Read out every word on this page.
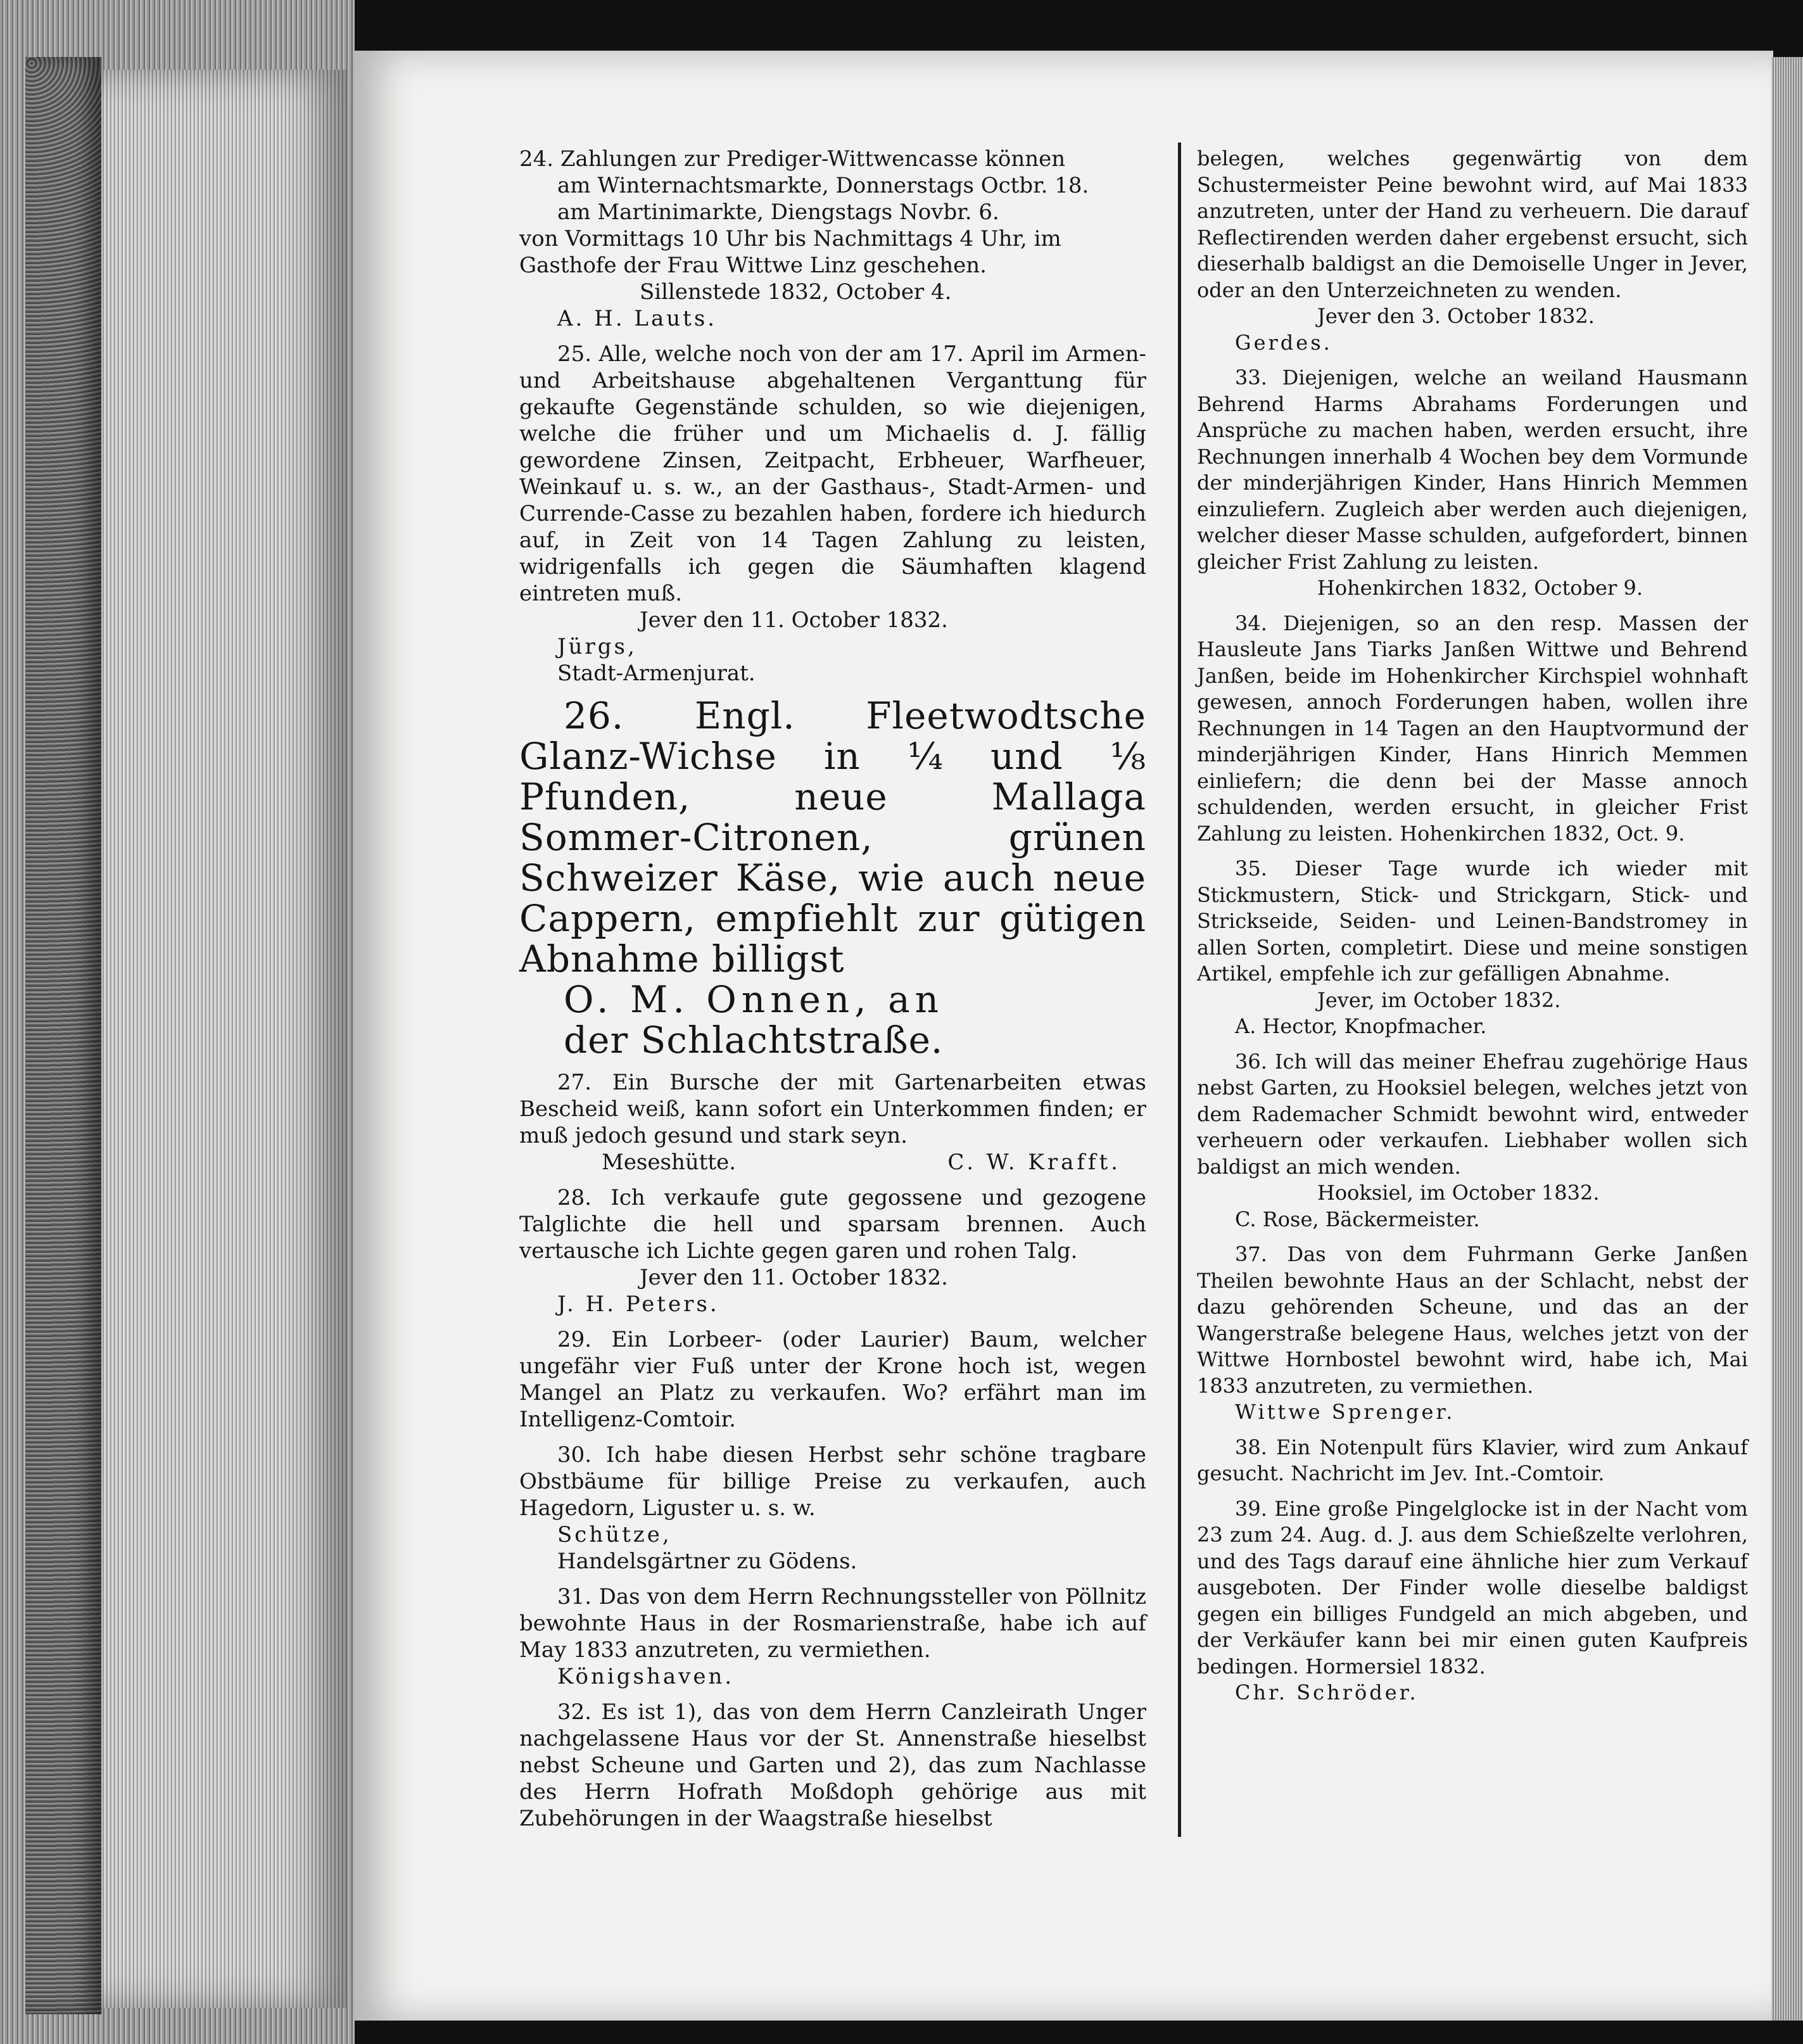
24. Zahlungen zur Prediger-Wittwencasse können

am Winternachtsmarkte, Donnerstags Octbr. 18.

am Martinimarkte, Diengstags Novbr. 6.

von Vormittags 10 Uhr bis Nachmittags 4 Uhr, im

Gasthofe der Frau Wittwe Linz geschehen.

Sillenstede 1832, October 4.

A. H. Lauts.

25. Alle, welche noch von der am 17. April im Armen- und Arbeitshause abgehaltenen Verganttung für gekaufte Gegenstände schulden, so wie diejenigen, welche die früher und um Michaelis d. J. fällig gewordene Zinsen, Zeitpacht, Erbheuer, Warfheuer, Weinkauf u. s. w., an der Gasthaus-, Stadt-Armen- und Currende-Casse zu bezahlen haben, fordere ich hiedurch auf, in Zeit von 14 Tagen Zahlung zu leisten, widrigenfalls ich gegen die Säumhaften klagend eintreten muß.

Jever den 11. October 1832.

Jürgs,

Stadt-Armenjurat.

26. Engl. Fleetwodtsche Glanz-Wichse in ¼ und ⅛ Pfunden, neue Mallaga Sommer-Citronen, grünen Schweizer Käse, wie auch neue Cappern, empfiehlt zur gütigen Abnahme billigst

O. M. Onnen, an

der Schlachtstraße.

27. Ein Bursche der mit Gartenarbeiten etwas Bescheid weiß, kann sofort ein Unterkommen finden; er muß jedoch gesund und stark seyn.

Meseshütte.	C. W. Krafft.

28. Ich verkaufe gute gegossene und gezogene Talglichte die hell und sparsam brennen. Auch vertausche ich Lichte gegen garen und rohen Talg.

Jever den 11. October 1832.

J. H. Peters.

29. Ein Lorbeer- (oder Laurier) Baum, welcher ungefähr vier Fuß unter der Krone hoch ist, wegen Mangel an Platz zu verkaufen. Wo? erfährt man im Intelligenz-Comtoir.

30. Ich habe diesen Herbst sehr schöne tragbare Obstbäume für billige Preise zu verkaufen, auch Hagedorn, Liguster u. s. w.

Schütze,

Handelsgärtner zu Gödens.

31. Das von dem Herrn Rechnungssteller von Pöllnitz bewohnte Haus in der Rosmarienstraße, habe ich auf May 1833 anzutreten, zu vermiethen.

Königshaven.

32. Es ist 1), das von dem Herrn Canzleirath Unger nachgelassene Haus vor der St. Annenstraße hieselbst nebst Scheune und Garten und 2), das zum Nachlasse des Herrn Hofrath Moßdoph gehörige aus mit Zubehörungen in der Waagstraße hieselbst

belegen, welches gegenwärtig von dem Schustermeister Peine bewohnt wird, auf Mai 1833 anzutreten, unter der Hand zu verheuern. Die darauf Reflectirenden werden daher ergebenst ersucht, sich dieserhalb baldigst an die Demoiselle Unger in Jever, oder an den Unterzeichneten zu wenden.

Jever den 3. October 1832.

Gerdes.

33. Diejenigen, welche an weiland Hausmann Behrend Harms Abrahams Forderungen und Ansprüche zu machen haben, werden ersucht, ihre Rechnungen innerhalb 4 Wochen bey dem Vormunde der minderjährigen Kinder, Hans Hinrich Memmen einzuliefern. Zugleich aber werden auch diejenigen, welcher dieser Masse schulden, aufgefordert, binnen gleicher Frist Zahlung zu leisten.

Hohenkirchen 1832, October 9.

34. Diejenigen, so an den resp. Massen der Hausleute Jans Tiarks Janßen Wittwe und Behrend Janßen, beide im Hohenkircher Kirchspiel wohnhaft gewesen, annoch Forderungen haben, wollen ihre Rechnungen in 14 Tagen an den Hauptvormund der minderjährigen Kinder, Hans Hinrich Memmen einliefern; die denn bei der Masse annoch schuldenden, werden ersucht, in gleicher Frist Zahlung zu leisten. Hohenkirchen 1832, Oct. 9.

35. Dieser Tage wurde ich wieder mit Stickmustern, Stick- und Strickgarn, Stick- und Strickseide, Seiden- und Leinen-Bandstromey in allen Sorten, completirt. Diese und meine sonstigen Artikel, empfehle ich zur gefälligen Abnahme.

Jever, im October 1832.

A. Hector, Knopfmacher.

36. Ich will das meiner Ehefrau zugehörige Haus nebst Garten, zu Hooksiel belegen, welches jetzt von dem Rademacher Schmidt bewohnt wird, entweder verheuern oder verkaufen. Liebhaber wollen sich baldigst an mich wenden.

Hooksiel, im October 1832.

C. Rose, Bäckermeister.

37. Das von dem Fuhrmann Gerke Janßen Theilen bewohnte Haus an der Schlacht, nebst der dazu gehörenden Scheune, und das an der Wangerstraße belegene Haus, welches jetzt von der Wittwe Hornbostel bewohnt wird, habe ich, Mai 1833 anzutreten, zu vermiethen.

Wittwe Sprenger.

38. Ein Notenpult fürs Klavier, wird zum Ankauf gesucht. Nachricht im Jev. Int.-Comtoir.

39. Eine große Pingelglocke ist in der Nacht vom 23 zum 24. Aug. d. J. aus dem Schießzelte verlohren, und des Tags darauf eine ähnliche hier zum Verkauf ausgeboten. Der Finder wolle dieselbe baldigst gegen ein billiges Fundgeld an mich abgeben, und der Verkäufer kann bei mir einen guten Kaufpreis bedingen. Hormersiel 1832.

Chr. Schröder.
